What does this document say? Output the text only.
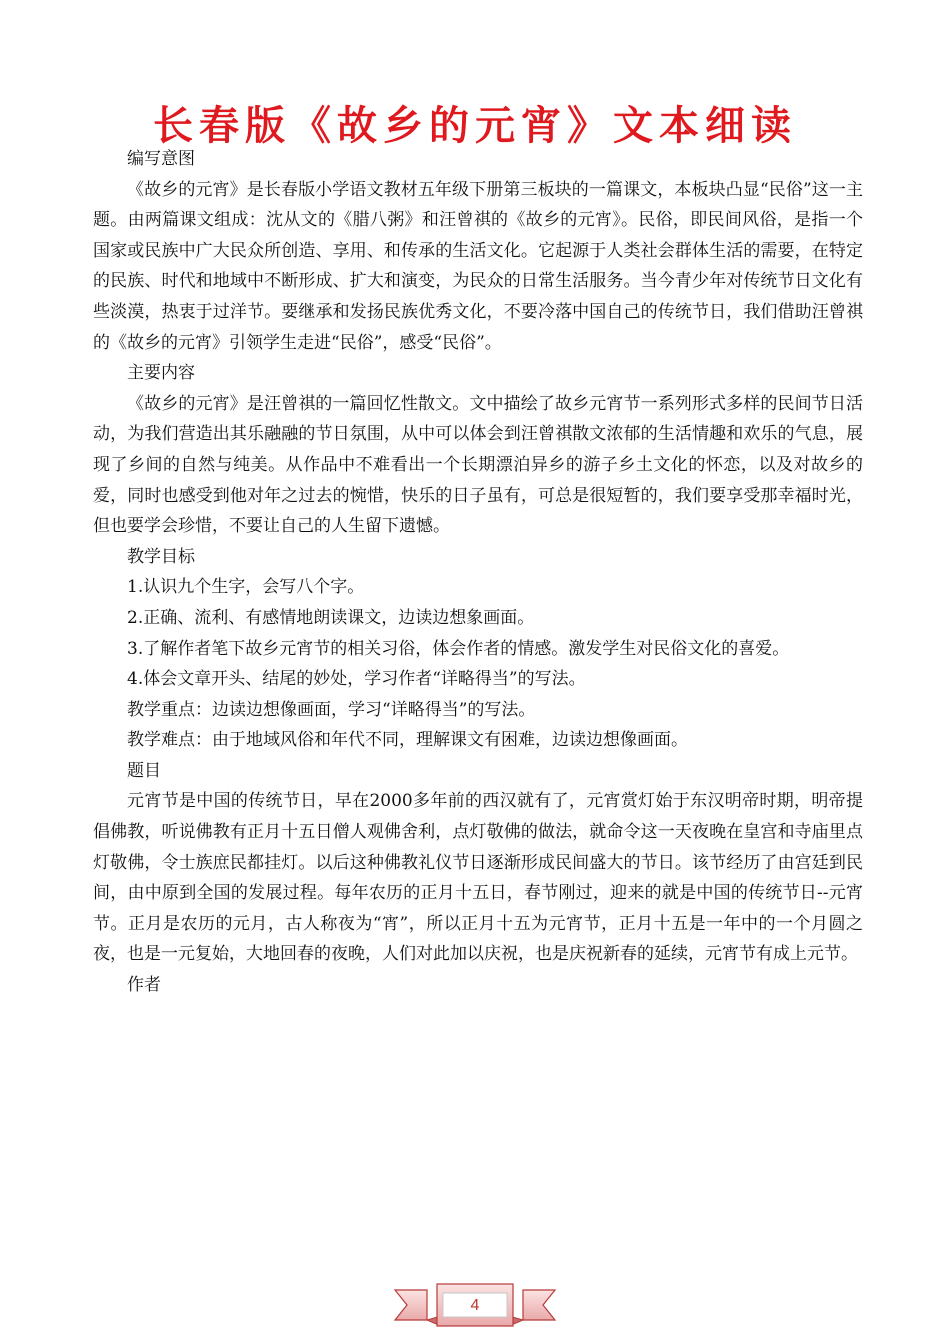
长春版《故乡的元宵》文本细读

编写意图

《故乡的元宵》是长春版小学语文教材五年级下册第三板块的一篇课文，本板块凸显“民俗”这一主题。由两篇课文组成：沈从文的《腊八粥》和汪曾祺的《故乡的元宵》。民俗，即民间风俗，是指一个国家或民族中广大民众所创造、享用、和传承的生活文化。它起源于人类社会群体生活的需要，在特定的民族、时代和地域中不断形成、扩大和演变，为民众的日常生活服务。当今青少年对传统节日文化有些淡漠，热衷于过洋节。要继承和发扬民族优秀文化，不要冷落中国自己的传统节日，我们借助汪曾祺的《故乡的元宵》引领学生走进“民俗”，感受“民俗”。

主要内容

《故乡的元宵》是汪曾祺的一篇回忆性散文。文中描绘了故乡元宵节一系列形式多样的民间节日活动，为我们营造出其乐融融的节日氛围，从中可以体会到汪曾祺散文浓郁的生活情趣和欢乐的气息，展现了乡间的自然与纯美。从作品中不难看出一个长期漂泊异乡的游子乡土文化的怀恋，以及对故乡的爱，同时也感受到他对年之过去的惋惜，快乐的日子虽有，可总是很短暂的，我们要享受那幸福时光，但也要学会珍惜，不要让自己的人生留下遗憾。

教学目标

1.认识九个生字，会写八个字。

2.正确、流利、有感情地朗读课文，边读边想象画面。

3.了解作者笔下故乡元宵节的相关习俗，体会作者的情感。激发学生对民俗文化的喜爱。

4.体会文章开头、结尾的妙处，学习作者“详略得当”的写法。

教学重点：边读边想像画面，学习“详略得当”的写法。

教学难点：由于地域风俗和年代不同，理解课文有困难，边读边想像画面。

题目

元宵节是中国的传统节日，早在2000多年前的西汉就有了，元宵赏灯始于东汉明帝时期，明帝提倡佛教，听说佛教有正月十五日僧人观佛舍利，点灯敬佛的做法，就命令这一天夜晚在皇宫和寺庙里点灯敬佛，令士族庶民都挂灯。以后这种佛教礼仪节日逐渐形成民间盛大的节日。该节经历了由宫廷到民间，由中原到全国的发展过程。每年农历的正月十五日，春节刚过，迎来的就是中国的传统节日--元宵节。正月是农历的元月，古人称夜为“宵”，所以正月十五为元宵节，正月十五是一年中的一个月圆之夜，也是一元复始，大地回春的夜晚，人们对此加以庆祝，也是庆祝新春的延续，元宵节有成上元节。

作者

4
